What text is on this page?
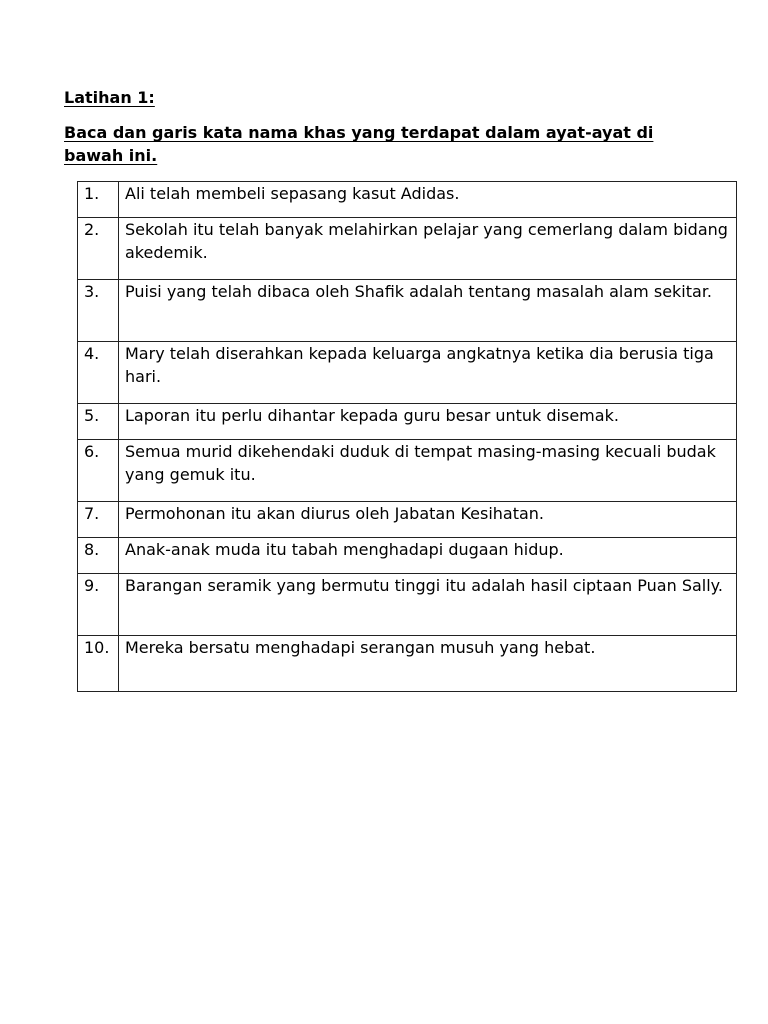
Latihan 1:
Baca dan garis kata nama khas yang terdapat dalam ayat-ayat di bawah ini.
1.	Ali telah membeli sepasang kasut Adidas.
2.	Sekolah itu telah banyak melahirkan pelajar yang cemerlang dalam bidang akedemik.
3.	Puisi yang telah dibaca oleh Shafik adalah tentang masalah alam sekitar.
4.	Mary telah diserahkan kepada keluarga angkatnya ketika dia berusia tiga hari.
5.	Laporan itu perlu dihantar kepada guru besar untuk disemak.
6.	Semua murid dikehendaki duduk di tempat masing-masing kecuali budak yang gemuk itu.
7.	Permohonan itu akan diurus oleh Jabatan Kesihatan.
8.	Anak-anak muda itu tabah menghadapi dugaan hidup.
9.	Barangan seramik yang bermutu tinggi itu adalah hasil ciptaan Puan Sally.
10.	Mereka bersatu menghadapi serangan musuh yang hebat.
